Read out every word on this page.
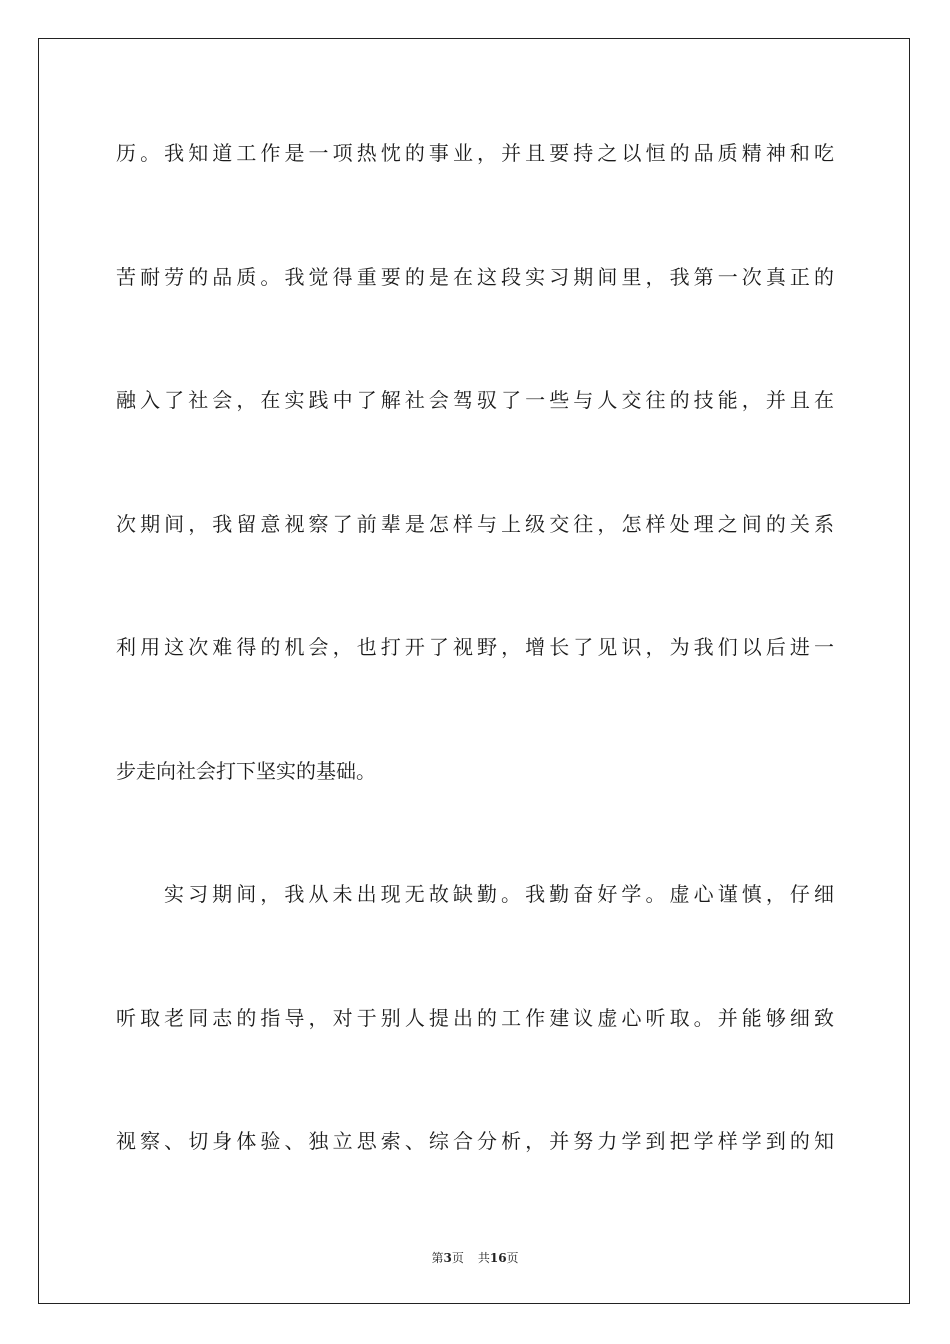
历。我知道工作是一项热忱的事业，并且要持之以恒的品质精神和吃
苦耐劳的品质。我觉得重要的是在这段实习期间里，我第一次真正的
融入了社会，在实践中了解社会驾驭了一些与人交往的技能，并且在
次期间，我留意视察了前辈是怎样与上级交往，怎样处理之间的关系
利用这次难得的机会，也打开了视野，增长了见识，为我们以后进一
步走向社会打下坚实的基础。
实习期间，我从未出现无故缺勤。我勤奋好学。虚心谨慎，仔细
听取老同志的指导，对于别人提出的工作建议虚心听取。并能够细致
视察、切身体验、独立思索、综合分析，并努力学到把学样学到的知
第3页 共16页
